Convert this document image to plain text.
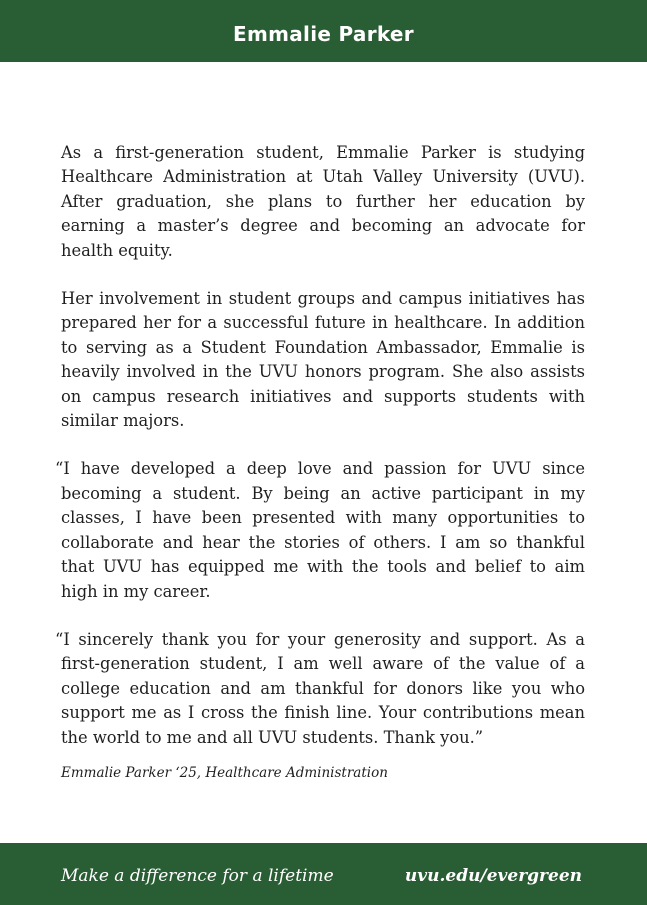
Emmalie Parker

As a first-generation student, Emmalie Parker is studying Healthcare Administration at Utah Valley University (UVU). After graduation, she plans to further her education by earning a master’s degree and becoming an advocate for health equity.

Her involvement in student groups and campus initiatives has prepared her for a successful future in healthcare. In addition to serving as a Student Foundation Ambassador, Emmalie is heavily involved in the UVU honors program. She also assists on campus research initiatives and supports students with similar majors.

“I have developed a deep love and passion for UVU since becoming a student. By being an active participant in my classes, I have been presented with many opportunities to collaborate and hear the stories of others. I am so thankful that UVU has equipped me with the tools and belief to aim high in my career.

“I sincerely thank you for your generosity and support. As a first-generation student, I am well aware of the value of a college education and am thankful for donors like you who support me as I cross the finish line. Your contributions mean the world to me and all UVU students. Thank you.”

Emmalie Parker ‘25, Healthcare Administration

Make a difference for a lifetime	uvu.edu/evergreen
